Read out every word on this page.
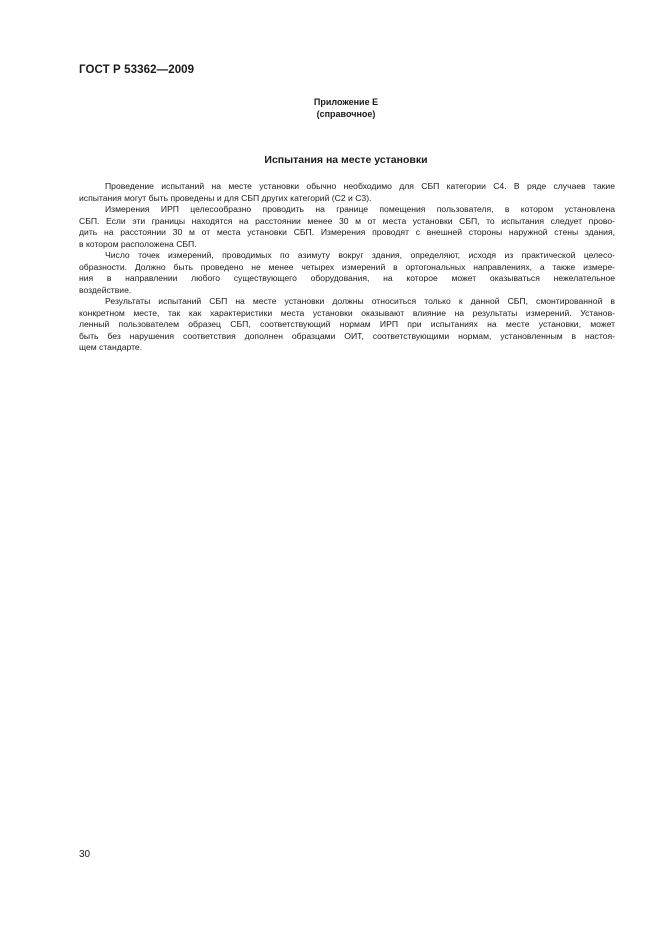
ГОСТ Р 53362—2009
Приложение Е
(справочное)
Испытания на месте установки
Проведение испытаний на месте установки обычно необходимо для СБП категории С4. В ряде случаев такие
испытания могут быть проведены и для СБП других категорий (С2 и С3).
Измерения ИРП целесообразно проводить на границе помещения пользователя, в котором установлена
СБП. Если эти границы находятся на расстоянии менее 30 м от места установки СБП, то испытания следует прово-
дить на расстоянии 30 м от места установки СБП. Измерения проводят с внешней стороны наружной стены здания,
в котором расположена СБП.
Число точек измерений, проводимых по азимуту вокруг здания, определяют, исходя из практической целесо-
образности. Должно быть проведено не менее четырех измерений в ортогональных направлениях, а также измере-
ния в направлении любого существующего оборудования, на которое может оказываться нежелательное
воздействие.
Результаты испытаний СБП на месте установки должны относиться только к данной СБП, смонтированной в
конкретном месте, так как характеристики места установки оказывают влияние на результаты измерений. Установ-
ленный пользователем образец СБП, соответствующий нормам ИРП при испытаниях на месте установки, может
быть без нарушения соответствия дополнен образцами ОИТ, соответствующими нормам, установленным в настоя-
щем стандарте.
30
